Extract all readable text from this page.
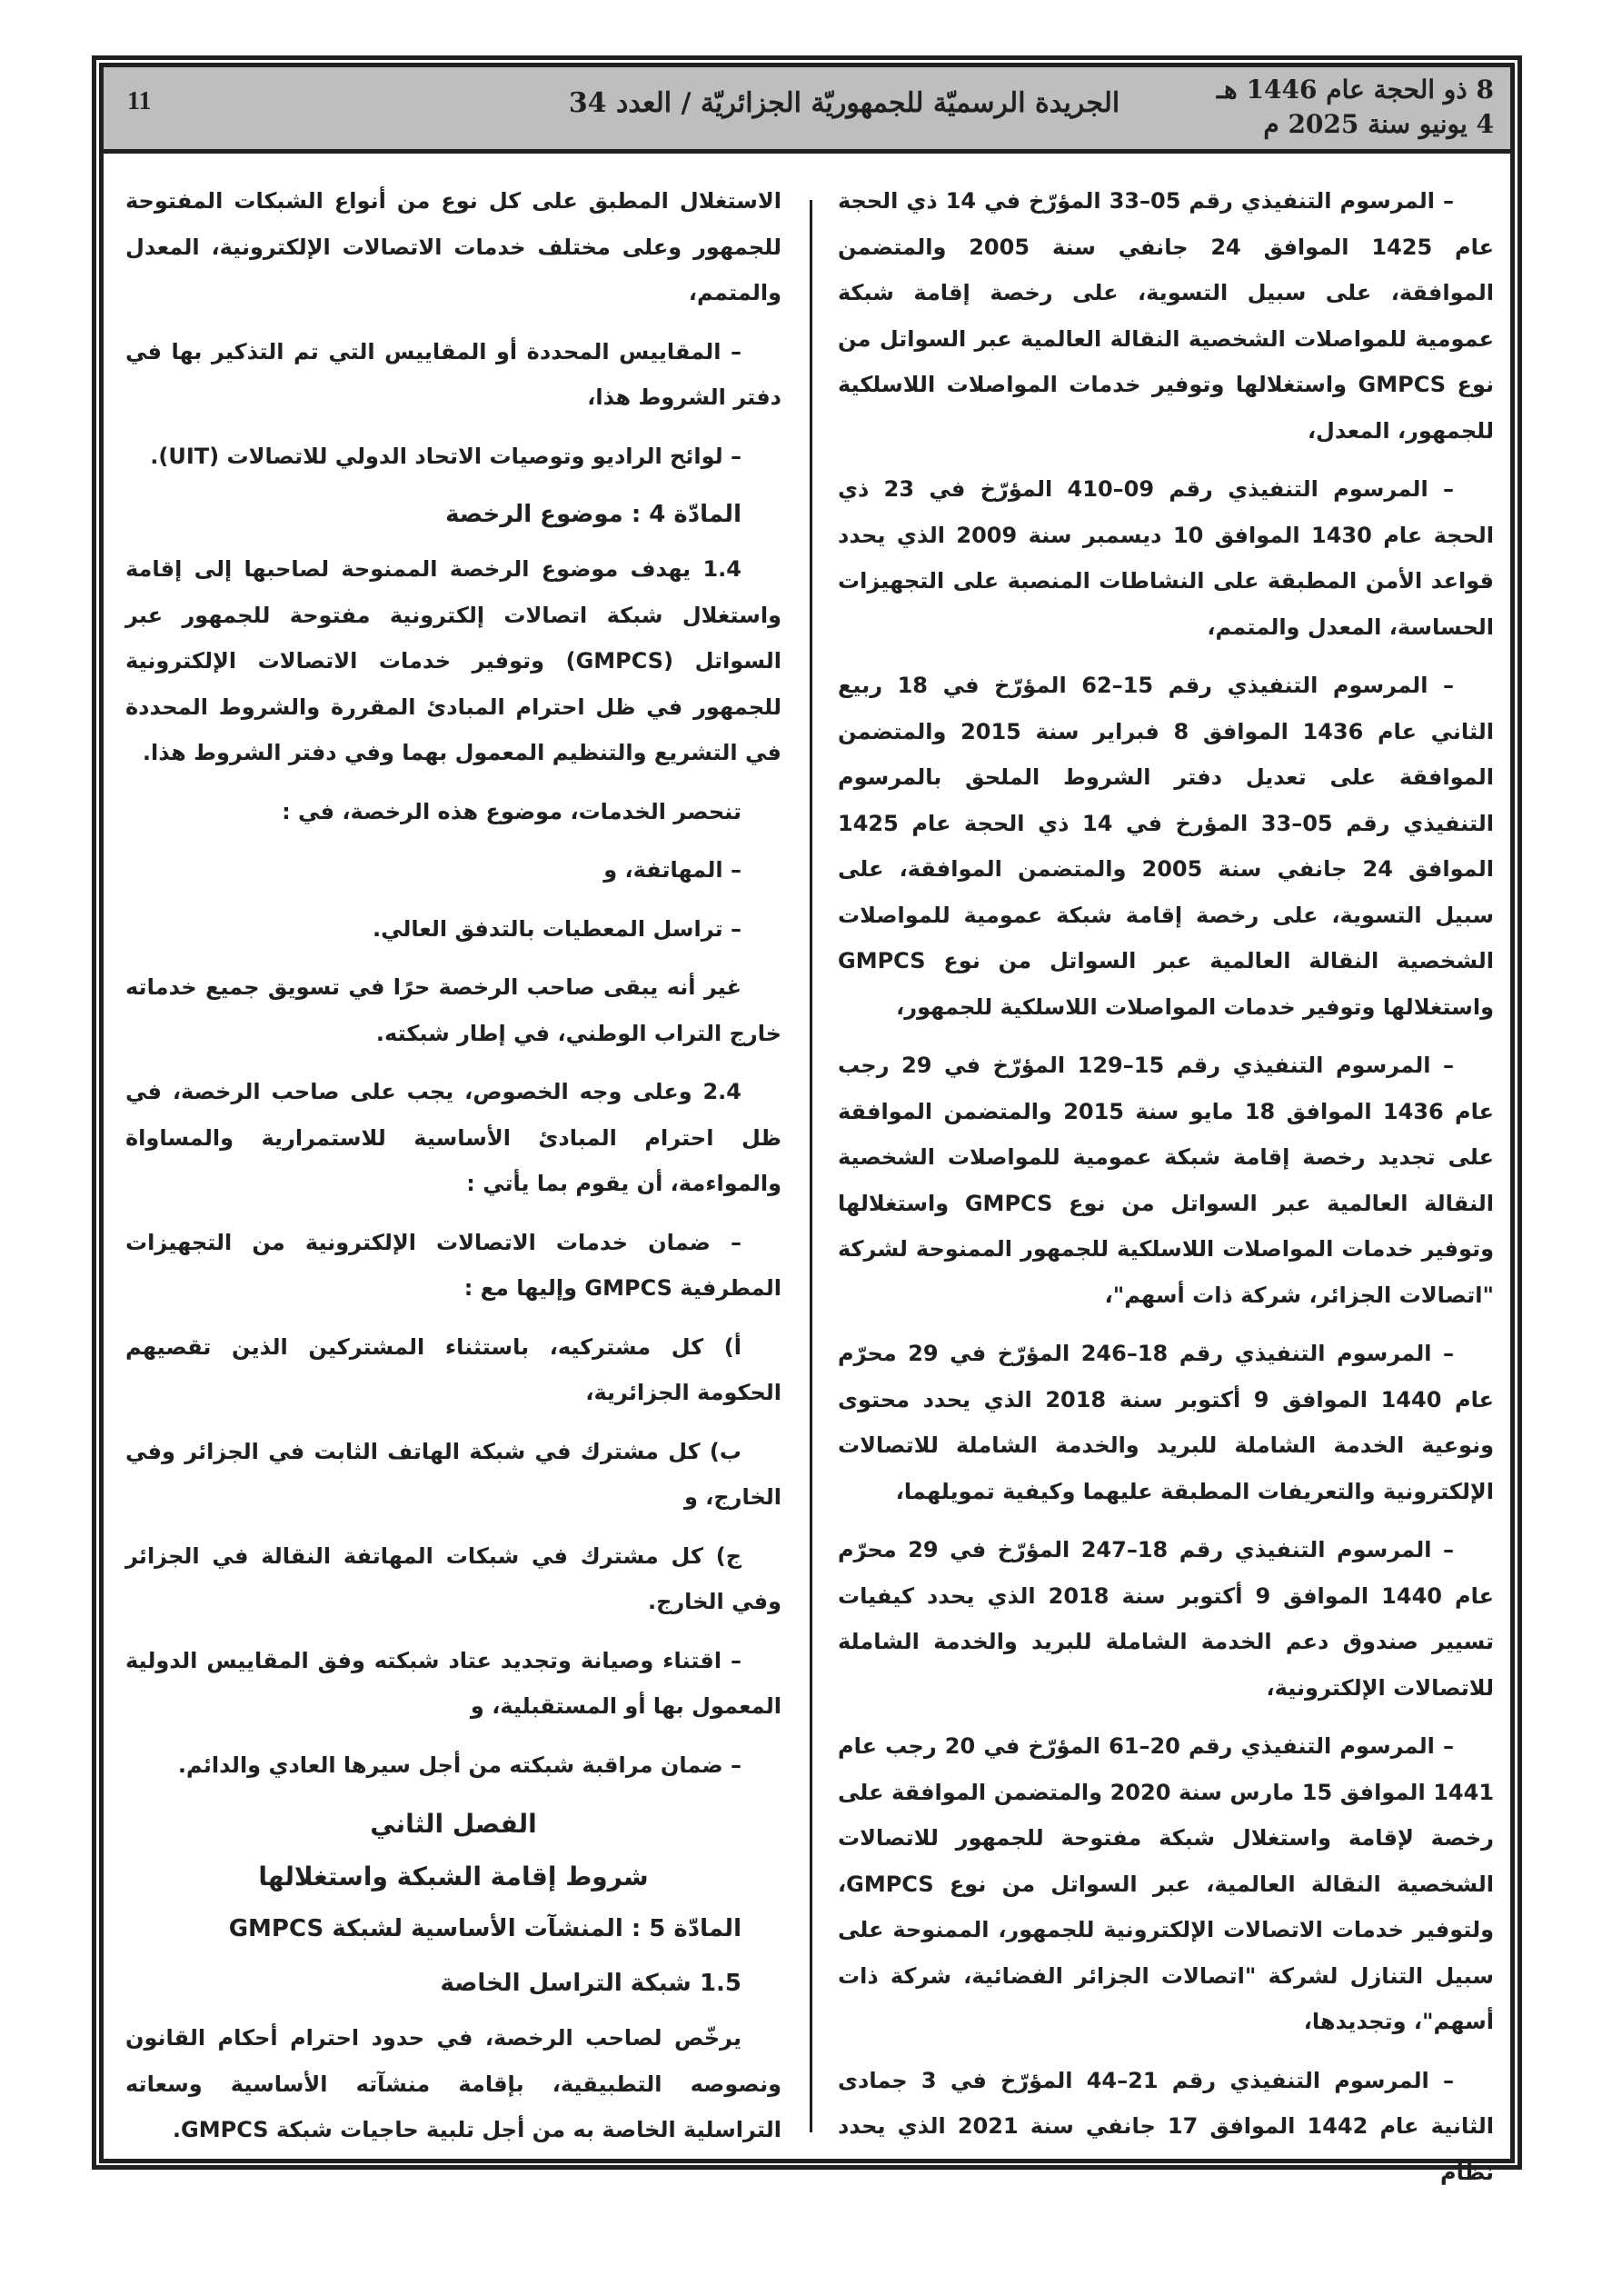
8 ذو الحجة عام 1446 هـ
4 يونيو سنة 2025 م
الجريدة الرسميّة للجمهوريّة الجزائريّة / العدد 34
11

– المرسوم التنفيذي رقم 05–33 المؤرّخ في 14 ذي الحجة عام 1425 الموافق 24 جانفي سنة 2005 والمتضمن الموافقة، على سبيل التسوية، على رخصة إقامة شبكة عمومية للمواصلات الشخصية النقالة العالمية عبر السواتل من نوع GMPCS واستغلالها وتوفير خدمات المواصلات اللاسلكية للجمهور، المعدل،

– المرسوم التنفيذي رقم 09–410 المؤرّخ في 23 ذي الحجة عام 1430 الموافق 10 ديسمبر سنة 2009 الذي يحدد قواعد الأمن المطبقة على النشاطات المنصبة على التجهيزات الحساسة، المعدل والمتمم،

– المرسوم التنفيذي رقم 15–62 المؤرّخ في 18 ربيع الثاني عام 1436 الموافق 8 فبراير سنة 2015 والمتضمن الموافقة على تعديل دفتر الشروط الملحق بالمرسوم التنفيذي رقم 05–33 المؤرخ في 14 ذي الحجة عام 1425 الموافق 24 جانفي سنة 2005 والمتضمن الموافقة، على سبيل التسوية، على رخصة إقامة شبكة عمومية للمواصلات الشخصية النقالة العالمية عبر السواتل من نوع GMPCS واستغلالها وتوفير خدمات المواصلات اللاسلكية للجمهور،

– المرسوم التنفيذي رقم 15–129 المؤرّخ في 29 رجب عام 1436 الموافق 18 مايو سنة 2015 والمتضمن الموافقة على تجديد رخصة إقامة شبكة عمومية للمواصلات الشخصية النقالة العالمية عبر السواتل من نوع GMPCS واستغلالها وتوفير خدمات المواصلات اللاسلكية للجمهور الممنوحة لشركة "اتصالات الجزائر، شركة ذات أسهم"،

– المرسوم التنفيذي رقم 18–246 المؤرّخ في 29 محرّم عام 1440 الموافق 9 أكتوبر سنة 2018 الذي يحدد محتوى ونوعية الخدمة الشاملة للبريد والخدمة الشاملة للاتصالات الإلكترونية والتعريفات المطبقة عليهما وكيفية تمويلهما،

– المرسوم التنفيذي رقم 18–247 المؤرّخ في 29 محرّم عام 1440 الموافق 9 أكتوبر سنة 2018 الذي يحدد كيفيات تسيير صندوق دعم الخدمة الشاملة للبريد والخدمة الشاملة للاتصالات الإلكترونية،

– المرسوم التنفيذي رقم 20–61 المؤرّخ في 20 رجب عام 1441 الموافق 15 مارس سنة 2020 والمتضمن الموافقة على رخصة لإقامة واستغلال شبكة مفتوحة للجمهور للاتصالات الشخصية النقالة العالمية، عبر السواتل من نوع GMPCS، ولتوفير خدمات الاتصالات الإلكترونية للجمهور، الممنوحة على سبيل التنازل لشركة "اتصالات الجزائر الفضائية، شركة ذات أسهم"، وتجديدها،

– المرسوم التنفيذي رقم 21–44 المؤرّخ في 3 جمادى الثانية عام 1442 الموافق 17 جانفي سنة 2021 الذي يحدد نظام

الاستغلال المطبق على كل نوع من أنواع الشبكات المفتوحة للجمهور وعلى مختلف خدمات الاتصالات الإلكترونية، المعدل والمتمم،

– المقاييس المحددة أو المقاييس التي تم التذكير بها في دفتر الشروط هذا،

– لوائح الراديو وتوصيات الاتحاد الدولي للاتصالات (UIT).

المادّة 4 : موضوع الرخصة

1.4 يهدف موضوع الرخصة الممنوحة لصاحبها إلى إقامة واستغلال شبكة اتصالات إلكترونية مفتوحة للجمهور عبر السواتل (GMPCS) وتوفير خدمات الاتصالات الإلكترونية للجمهور في ظل احترام المبادئ المقررة والشروط المحددة في التشريع والتنظيم المعمول بهما وفي دفتر الشروط هذا.

تنحصر الخدمات، موضوع هذه الرخصة، في :

– المهاتفة، و

– تراسل المعطيات بالتدفق العالي.

غير أنه يبقى صاحب الرخصة حرًا في تسويق جميع خدماته خارج التراب الوطني، في إطار شبكته.

2.4 وعلى وجه الخصوص، يجب على صاحب الرخصة، في ظل احترام المبادئ الأساسية للاستمرارية والمساواة والمواءمة، أن يقوم بما يأتي :

– ضمان خدمات الاتصالات الإلكترونية من التجهيزات المطرفية GMPCS وإليها مع :

أ) كل مشتركيه، باستثناء المشتركين الذين تقصيهم الحكومة الجزائرية،

ب) كل مشترك في شبكة الهاتف الثابت في الجزائر وفي الخارج، و

ج) كل مشترك في شبكات المهاتفة النقالة في الجزائر وفي الخارج.

– اقتناء وصيانة وتجديد عتاد شبكته وفق المقاييس الدولية المعمول بها أو المستقبلية، و

– ضمان مراقبة شبكته من أجل سيرها العادي والدائم.

الفصل الثاني
شروط إقامة الشبكة واستغلالها
المادّة 5 : المنشآت الأساسية لشبكة GMPCS
1.5 شبكة التراسل الخاصة

يرخّص لصاحب الرخصة، في حدود احترام أحكام القانون ونصوصه التطبيقية، بإقامة منشآته الأساسية وسعاته التراسلية الخاصة به من أجل تلبية حاجيات شبكة GMPCS.
